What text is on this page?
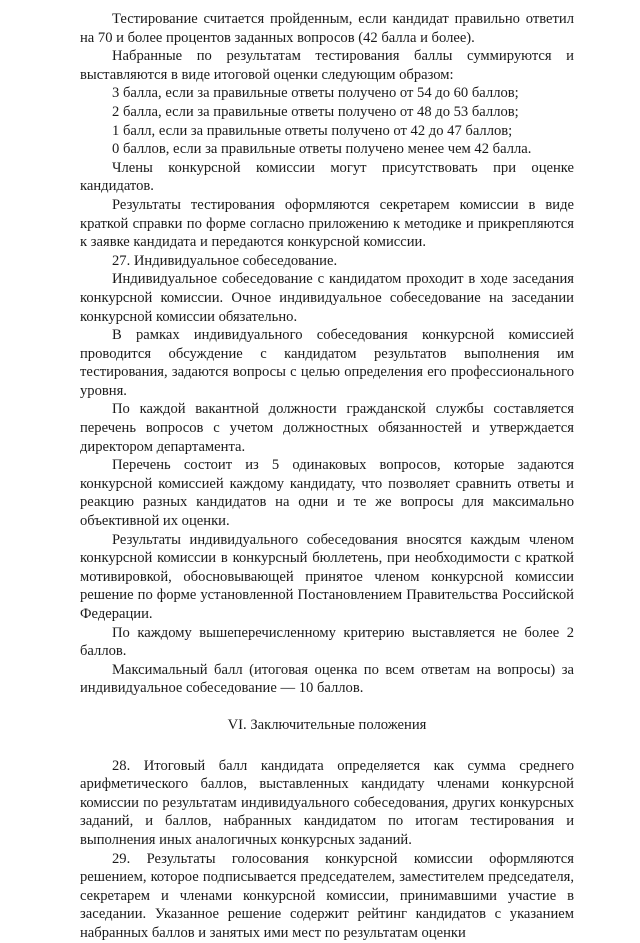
Тестирование считается пройденным, если кандидат правильно ответил на 70 и более процентов заданных вопросов (42 балла и более).

Набранные по результатам тестирования баллы суммируются и выставляются в виде итоговой оценки следующим образом:

3 балла, если за правильные ответы получено от 54 до 60 баллов;

2 балла, если за правильные ответы получено от 48 до 53 баллов;

1 балл, если за правильные ответы получено от 42 до 47 баллов;

0 баллов, если за правильные ответы получено менее чем 42 балла.

Члены конкурсной комиссии могут присутствовать при оценке кандидатов.

Результаты тестирования оформляются секретарем комиссии в виде краткой справки по форме согласно приложению к методике и прикрепляются к заявке кандидата и передаются конкурсной комиссии.

27. Индивидуальное собеседование.

Индивидуальное собеседование с кандидатом проходит в ходе заседания конкурсной комиссии. Очное индивидуальное собеседование на заседании конкурсной комиссии обязательно.

В рамках индивидуального собеседования конкурсной комиссией проводится обсуждение с кандидатом результатов выполнения им тестирования, задаются вопросы с целью определения его профессионального уровня.

По каждой вакантной должности гражданской службы составляется перечень вопросов с учетом должностных обязанностей и утверждается директором департамента.

Перечень состоит из 5 одинаковых вопросов, которые задаются конкурсной комиссией каждому кандидату, что позволяет сравнить ответы и реакцию разных кандидатов на одни и те же вопросы для максимально объективной их оценки.

Результаты индивидуального собеседования вносятся каждым членом конкурсной комиссии в конкурсный бюллетень, при необходимости с краткой мотивировкой, обосновывающей принятое членом конкурсной комиссии решение по форме установленной Постановлением Правительства Российской Федерации.

По каждому вышеперечисленному критерию выставляется не более 2 баллов.

Максимальный балл (итоговая оценка по всем ответам на вопросы) за индивидуальное собеседование — 10 баллов.

VI. Заключительные положения

28. Итоговый балл кандидата определяется как сумма среднего арифметического баллов, выставленных кандидату членами конкурсной комиссии по результатам индивидуального собеседования, других конкурсных заданий, и баллов, набранных кандидатом по итогам тестирования и выполнения иных аналогичных конкурсных заданий.

29. Результаты голосования конкурсной комиссии оформляются решением, которое подписывается председателем, заместителем председателя, секретарем и членами конкурсной комиссии, принимавшими участие в заседании. Указанное решение содержит рейтинг кандидатов с указанием набранных баллов и занятых ими мест по результатам оценки
